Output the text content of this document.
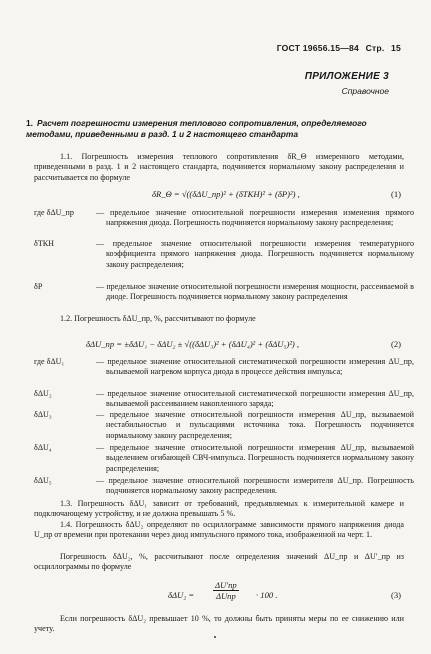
ГОСТ 19656.15—84 Стр. 15
ПРИЛОЖЕНИЕ 3
Справочное
1. Расчет погрешности измерения теплового сопротивления, определяемого методами, приведенными в разд. 1 и 2 настоящего стандарта
1.1. Погрешность измерения теплового сопротивления δR_Θ измеренного методами, приведенными в разд. 1 и 2 настоящего стандарта, подчиняется нормальному закону распределения и рассчитывается по формуле
δR_Θ = √((δΔU_пр)² + (δTKH)² + (δP)²) ,	(1)
где δΔU_пр	— предельное значение относительной погрешности измерения изменения прямого напряжения диода. Погрешность подчиняется нормальному закону распределения;
δТКН	— предельное значение относительной погрешности измерения температурного коэффициента прямого напряжения диода. Погрешность подчиняется нормальному закону распределения;
δP	— предельное значение относительной погрешности измерения мощности, рассеиваемой в диоде. Погрешность подчиняется нормальному закону распределения
1.2. Погрешность δΔU_пр, %, рассчитывают по формуле
δΔU_пр = ±δΔU₁ − δΔU₂ ± √((δΔU₃)² + (δΔU₄)² + (δΔU₅)²) ,	(2)
где δΔU₁	— предельное значение относительной систематической погрешности измерения ΔU_пр, вызываемой нагревом корпуса диода в процессе действия импульса;
δΔU₂	— предельное значение относительной систематической погрешности измерения ΔU_пр, вызываемой рассеиванием накопленного заряда;
δΔU₃	— предельное значение относительной погрешности измерения ΔU_пр, вызываемой нестабильностью и пульсациями источника тока. Погрешность подчиняется нормальному закону распределения;
δΔU₄	— предельное значение относительной погрешности измерения ΔU_пр, вызываемой выделением огибающей СВЧ-импульса. Погрешность подчиняется нормальному закону распределения;
δΔU₅	— предельное значение относительной погрешности измерителя ΔU_пр. Погрешность подчиняется нормальному закону распределения.
1.3. Погрешность δΔU₁ зависит от требований, предъявляемых к измерительной камере и подключающему устройству, и не должна превышать 5 %.
1.4. Погрешность δΔU₂ определяют по осциллограмме зависимости прямого напряжения диода U_пр от времени при протекании через диод импульсного прямого тока, изображенной на черт. 1.
Погрешность δΔU₂, %, рассчитывают после определения значений ΔU_пр и ΔU′_пр из осциллограммы по формуле
δΔU₂ =
ΔU′пр
ΔUпр	· 100 .	(3)
Если погрешность δΔU₂ превышает 10 %, то должны быть приняты меры по ее снижению или учету.
